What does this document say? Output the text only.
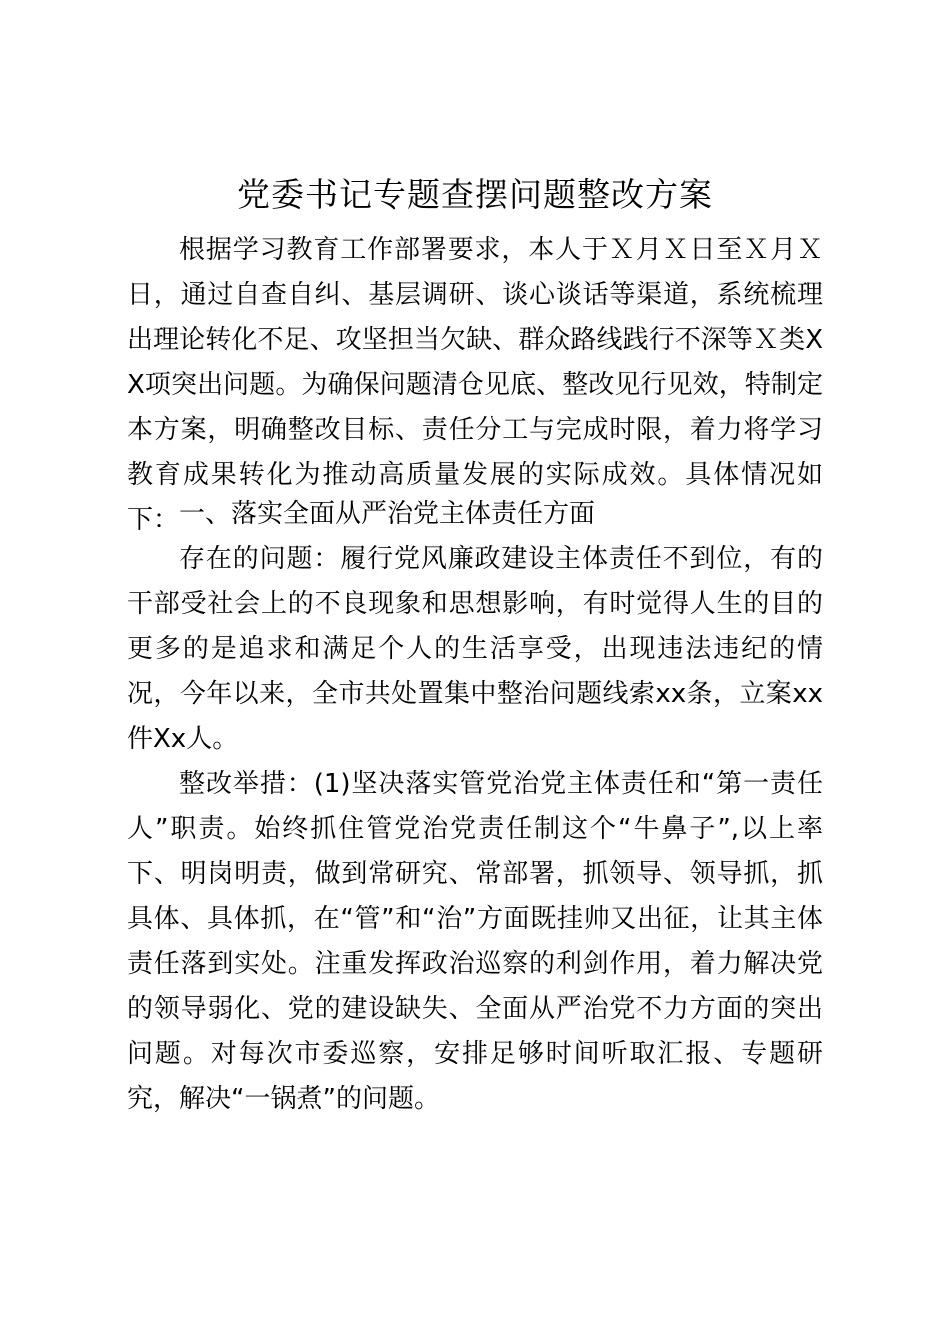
党委书记专题查摆问题整改方案

根据学习教育工作部署要求，本人于Ｘ月Ｘ日至Ｘ月Ｘ日，通过自查自纠、基层调研、谈心谈话等渠道，系统梳理出理论转化不足、攻坚担当欠缺、群众路线践行不深等Ｘ类XX项突出问题。为确保问题清仓见底、整改见行见效，特制定本方案，明确整改目标、责任分工与完成时限，着力将学习教育成果转化为推动高质量发展的实际成效。具体情况如下： 一、落实全面从严治党主体责任方面

存在的问题：履行党风廉政建设主体责任不到位，有的干部受社会上的不良现象和思想影响，有时觉得人生的目的更多的是追求和满足个人的生活享受，出现违法违纪的情况，今年以来，全市共处置集中整治问题线索xx条，立案xx件Xx人。

整改举措：(1)坚决落实管党治党主体责任和“第一责任人”职责。始终抓住管党治党责任制这个“牛鼻子”,以上率下、明岗明责，做到常研究、常部署，抓领导、领导抓，抓具体、具体抓，在“管”和“治”方面既挂帅又出征，让其主体责任落到实处。注重发挥政治巡察的利剑作用，着力解决党的领导弱化、党的建设缺失、全面从严治党不力方面的突出问题。对每次市委巡察，安排足够时间听取汇报、专题研究，解决“一锅煮”的问题。
